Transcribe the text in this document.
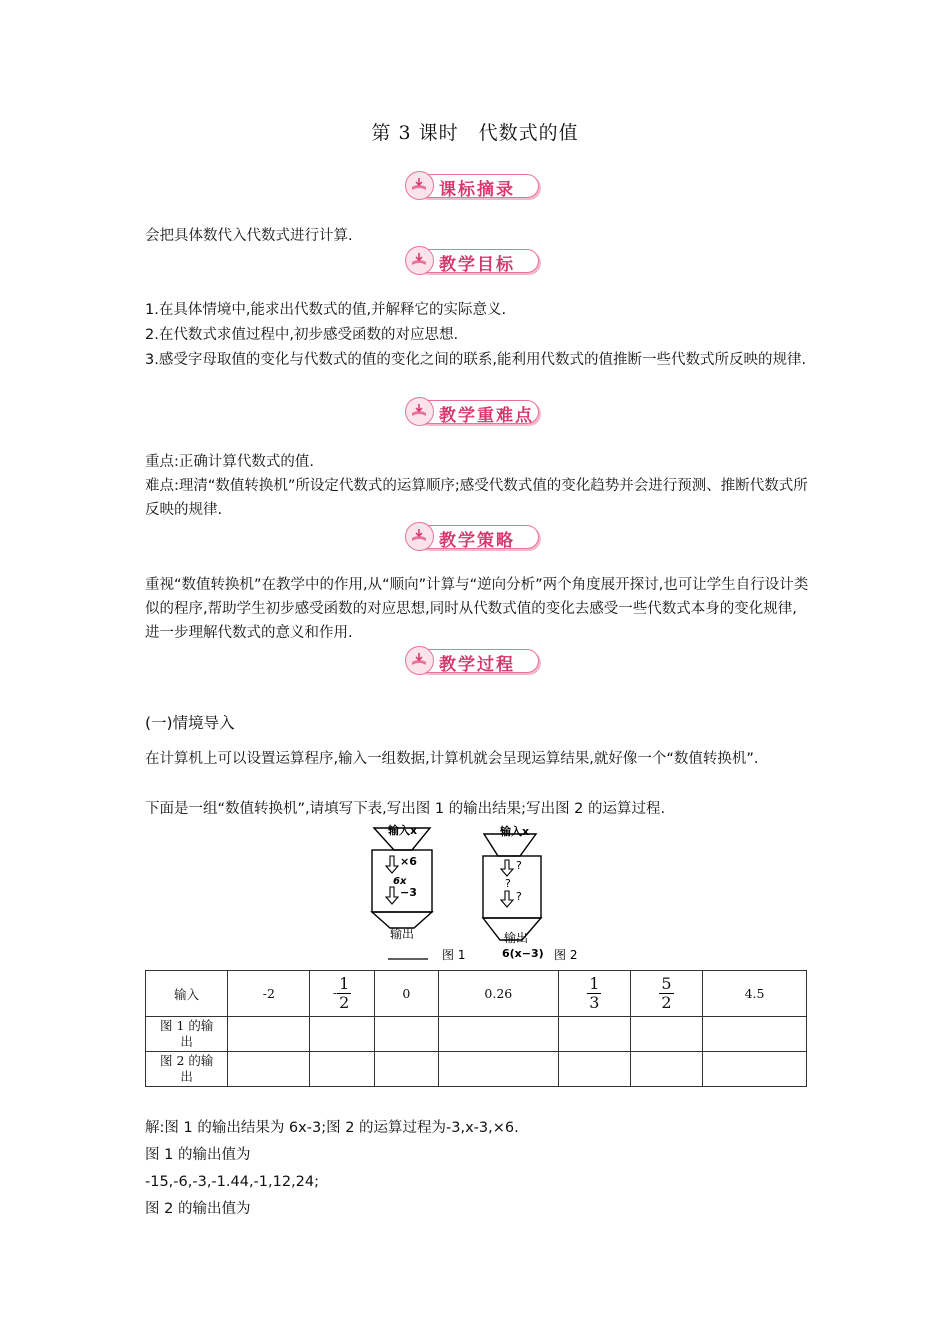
第 3 课时　代数式的值
课标摘录
会把具体数代入代数式进行计算.
教学目标
1.在具体情境中,能求出代数式的值,并解释它的实际意义.
2.在代数式求值过程中,初步感受函数的对应思想.
3.感受字母取值的变化与代数式的值的变化之间的联系,能利用代数式的值推断一些代数式所反映的规律.
教学重难点
重点:正确计算代数式的值.
难点:理清“数值转换机”所设定代数式的运算顺序;感受代数式值的变化趋势并会进行预测、推断代数式所反映的规律.
教学策略
重视“数值转换机”在教学中的作用,从“顺向”计算与“逆向分析”两个角度展开探讨,也可让学生自行设计类似的程序,帮助学生初步感受函数的对应思想,同时从代数式值的变化去感受一些代数式本身的变化规律,进一步理解代数式的意义和作用.
教学过程
(一)情境导入
在计算机上可以设置运算程序,输入一组数据,计算机就会呈现运算结果,就好像一个“数值转换机”.
下面是一组“数值转换机”,请填写下表,写出图 1 的输出结果;写出图 2 的运算过程.
输入x
×6
6x
−3
输出
输入x
?
?
?
输出
6(x−3)
图 1	图 2
输入	-2	- $\frac{1}{2}$	0	0.26	$\frac{1}{3}$	$\frac{5}{2}$	4.5
图 1 的输出							
图 2 的输出							
解:图 1 的输出结果为 6x-3;图 2 的运算过程为-3,x-3,×6.
图 1 的输出值为
-15,-6,-3,-1.44,-1,12,24;
图 2 的输出值为
